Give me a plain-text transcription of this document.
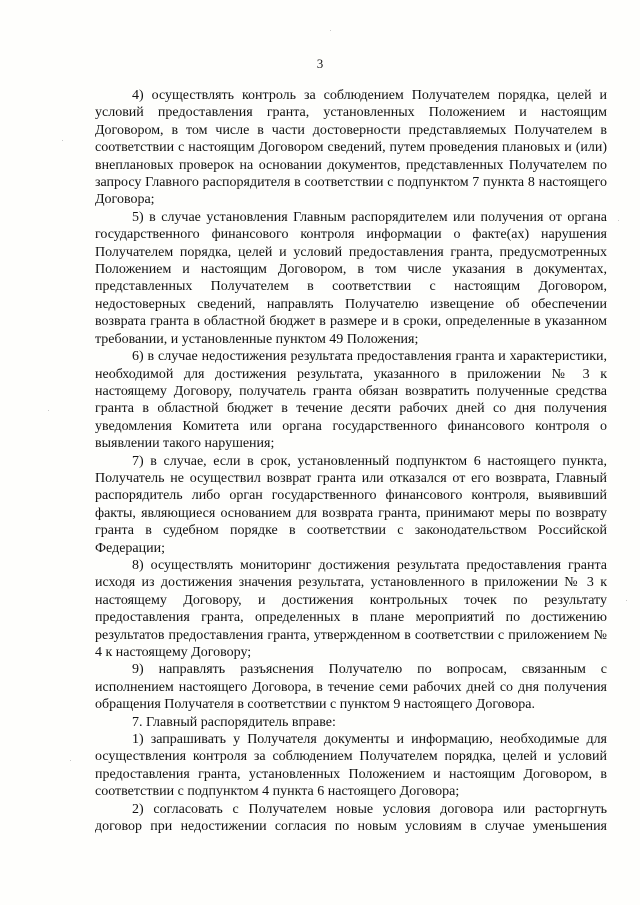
3

4) осуществлять контроль за соблюдением Получателем порядка, целей и условий предоставления гранта, установленных Положением и настоящим Договором, в том числе в части достоверности представляемых Получателем в соответствии с настоящим Договором сведений, путем проведения плановых и (или) внеплановых проверок на основании документов, представленных Получателем по запросу Главного распорядителя в соответствии с подпунктом 7 пункта 8 настоящего Договора;

5) в случае установления Главным распорядителем или получения от органа государственного финансового контроля информации о факте(ах) нарушения Получателем порядка, целей и условий предоставления гранта, предусмотренных Положением и настоящим Договором, в том числе указания в документах, представленных Получателем в соответствии с настоящим Договором, недостоверных сведений, направлять Получателю извещение об обеспечении возврата гранта в областной бюджет в размере и в сроки, определенные в указанном требовании, и установленные пунктом 49 Положения;

6) в случае недостижения результата предоставления гранта и характеристики, необходимой для достижения результата, указанного в приложении № 3 к настоящему Договору, получатель гранта обязан возвратить полученные средства гранта в областной бюджет в течение десяти рабочих дней со дня получения уведомления Комитета или органа государственного финансового контроля о выявлении такого нарушения;

7) в случае, если в срок, установленный подпунктом 6 настоящего пункта, Получатель не осуществил возврат гранта или отказался от его возврата, Главный распорядитель либо орган государственного финансового контроля, выявивший факты, являющиеся основанием для возврата гранта, принимают меры по возврату гранта в судебном порядке в соответствии с законодательством Российской Федерации;

8) осуществлять мониторинг достижения результата предоставления гранта исходя из достижения значения результата, установленного в приложении № 3 к настоящему Договору, и достижения контрольных точек по результату предоставления гранта, определенных в плане мероприятий по достижению результатов предоставления гранта, утвержденном в соответствии с приложением № 4 к настоящему Договору;

9) направлять разъяснения Получателю по вопросам, связанным с исполнением настоящего Договора, в течение семи рабочих дней со дня получения обращения Получателя в соответствии с пунктом 9 настоящего Договора.

7. Главный распорядитель вправе:

1) запрашивать у Получателя документы и информацию, необходимые для осуществления контроля за соблюдением Получателем порядка, целей и условий предоставления гранта, установленных Положением и настоящим Договором, в соответствии с подпунктом 4 пункта 6 настоящего Договора;

2) согласовать с Получателем новые условия договора или расторгнуть договор при недостижении согласия по новым условиям в случае уменьшения
